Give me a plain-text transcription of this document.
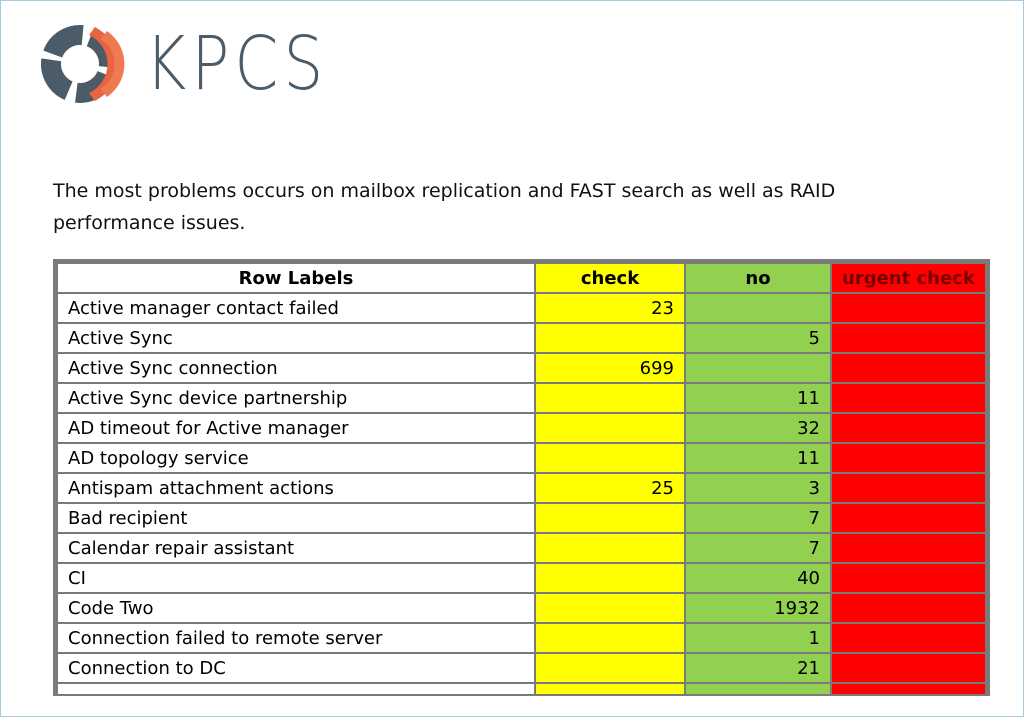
KPCS
The most problems occurs on mailbox replication and FAST search as well as RAID performance issues.
Row Labels	check	no	urgent check
Active manager contact failed	23		
Active Sync		5	
Active Sync connection	699		
Active Sync device partnership		11	
AD timeout for Active manager		32	
AD topology service		11	
Antispam attachment actions	25	3	
Bad recipient		7	
Calendar repair assistant		7	
CI		40	
Code Two		1932	
Connection failed to remote server		1	
Connection to DC		21	
